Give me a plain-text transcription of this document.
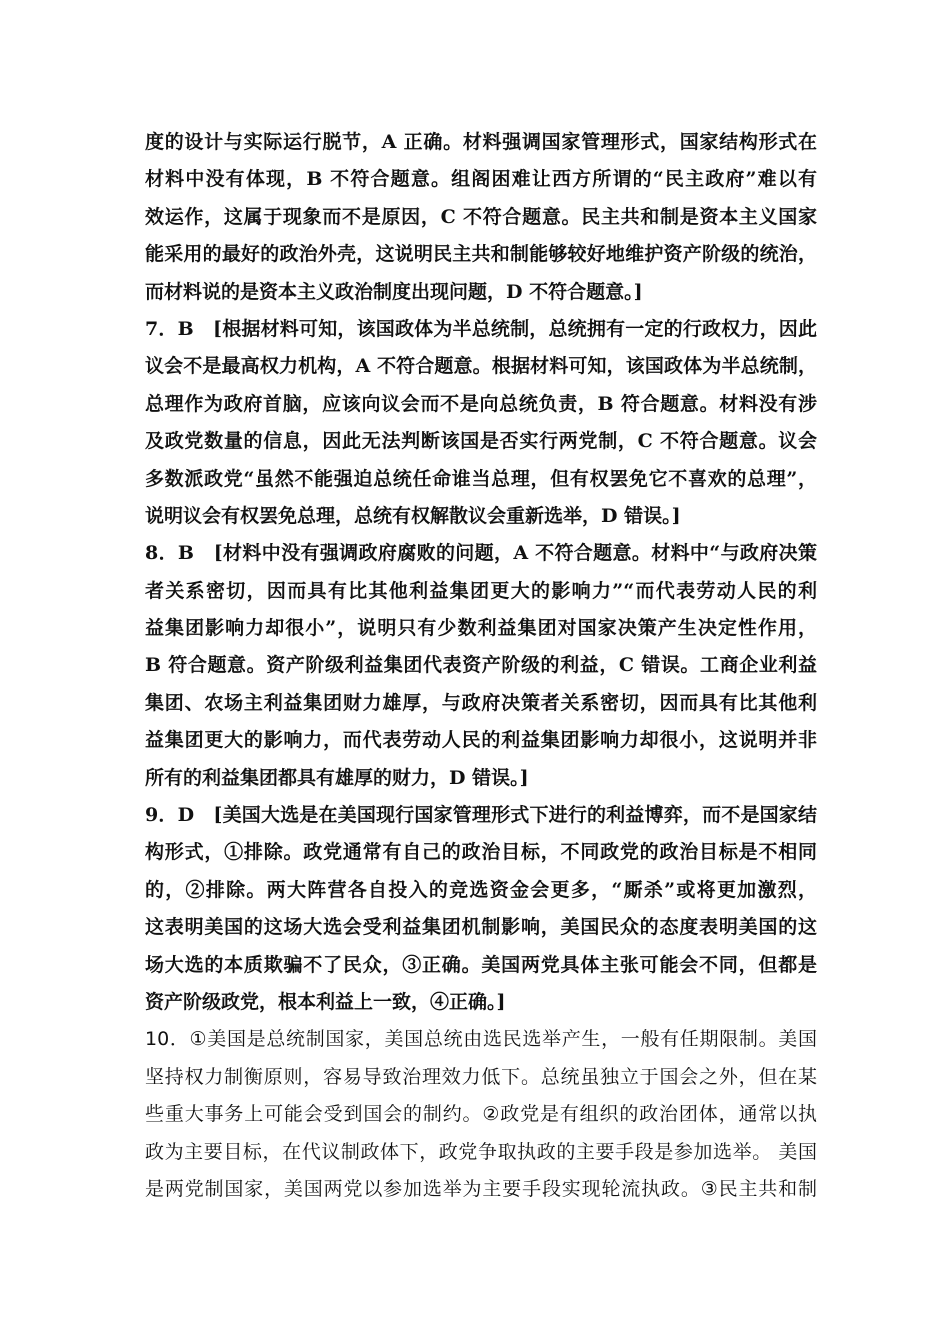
度的设计与实际运行脱节，A 正确。材料强调国家管理形式，国家结构形式在
材料中没有体现，B 不符合题意。组阁困难让西方所谓的“民主政府”难以有
效运作，这属于现象而不是原因，C 不符合题意。民主共和制是资本主义国家
能采用的最好的政治外壳，这说明民主共和制能够较好地维护资产阶级的统治，
而材料说的是资本主义政治制度出现问题，D 不符合题意。]
7．B　[根据材料可知，该国政体为半总统制，总统拥有一定的行政权力，因此
议会不是最高权力机构，A 不符合题意。根据材料可知，该国政体为半总统制，
总理作为政府首脑，应该向议会而不是向总统负责，B 符合题意。材料没有涉
及政党数量的信息，因此无法判断该国是否实行两党制，C 不符合题意。议会
多数派政党“虽然不能强迫总统任命谁当总理，但有权罢免它不喜欢的总理”，
说明议会有权罢免总理，总统有权解散议会重新选举，D 错误。]
8．B　[材料中没有强调政府腐败的问题，A 不符合题意。材料中“与政府决策
者关系密切，因而具有比其他利益集团更大的影响力”“而代表劳动人民的利
益集团影响力却很小”，说明只有少数利益集团对国家决策产生决定性作用，
B 符合题意。资产阶级利益集团代表资产阶级的利益，C 错误。工商企业利益
集团、农场主利益集团财力雄厚，与政府决策者关系密切，因而具有比其他利
益集团更大的影响力，而代表劳动人民的利益集团影响力却很小，这说明并非
所有的利益集团都具有雄厚的财力，D 错误。]
9．D　[美国大选是在美国现行国家管理形式下进行的利益博弈，而不是国家结
构形式，①排除。政党通常有自己的政治目标，不同政党的政治目标是不相同
的，②排除。两大阵营各自投入的竞选资金会更多，“厮杀”或将更加激烈，
这表明美国的这场大选会受利益集团机制影响，美国民众的态度表明美国的这
场大选的本质欺骗不了民众，③正确。美国两党具体主张可能会不同，但都是
资产阶级政党，根本利益上一致，④正确。]
10．①美国是总统制国家，美国总统由选民选举产生，一般有任期限制。美国
坚持权力制衡原则，容易导致治理效力低下。总统虽独立于国会之外，但在某
些重大事务上可能会受到国会的制约。②政党是有组织的政治团体，通常以执
政为主要目标，在代议制政体下，政党争取执政的主要手段是参加选举。 美国
是两党制国家，美国两党以参加选举为主要手段实现轮流执政。③民主共和制
